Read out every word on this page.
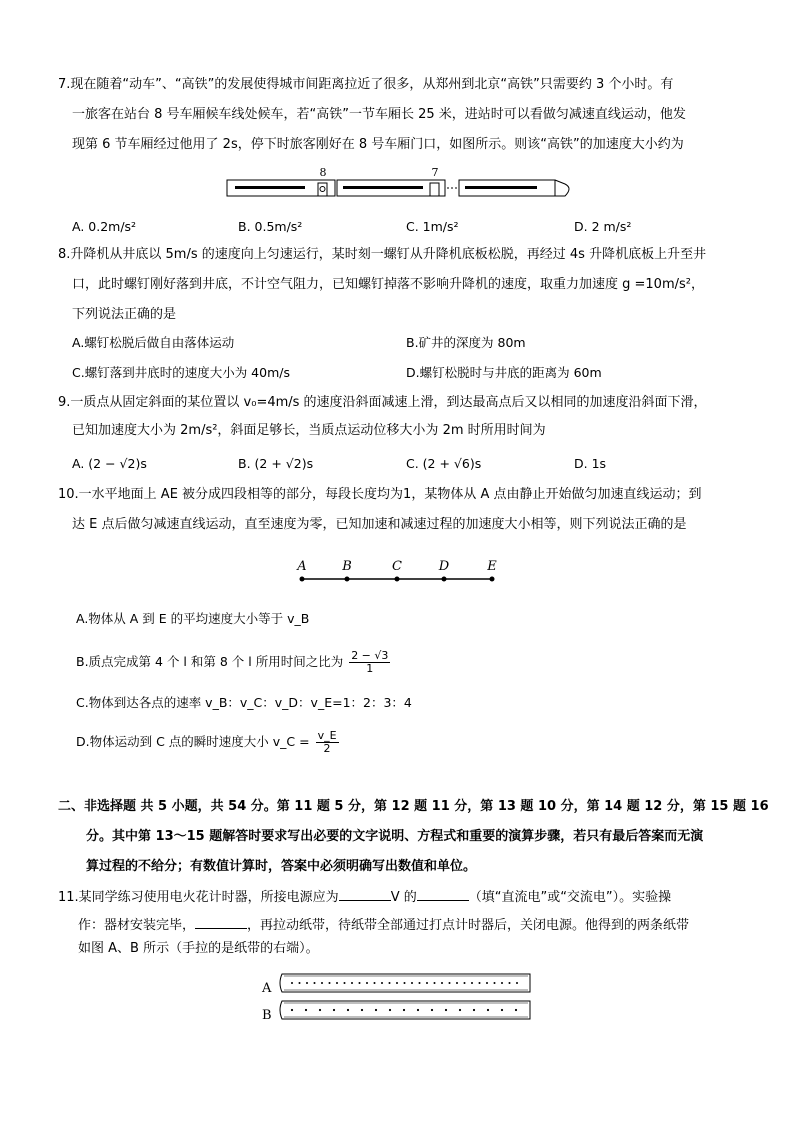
7.现在随着“动车”、“高铁”的发展使得城市间距离拉近了很多，从郑州到北京“高铁”只需要约 3 个小时。有
一旅客在站台 8 号车厢候车线处候车，若“高铁”一节车厢长 25 米，进站时可以看做匀减速直线运动，他发
现第 6 节车厢经过他用了 2s，停下时旅客刚好在 8 号车厢门口，如图所示。则该“高铁”的加速度大小约为
8	7
A. 0.2m/s²	B. 0.5m/s²	C. 1m/s²	D. 2 m/s²
8.升降机从井底以 5m/s 的速度向上匀速运行，某时刻一螺钉从升降机底板松脱，再经过 4s 升降机底板上升至井
口，此时螺钉刚好落到井底，不计空气阻力，已知螺钉掉落不影响升降机的速度，取重力加速度 g =10m/s²，
下列说法正确的是
A.螺钉松脱后做自由落体运动	B.矿井的深度为 80m
C.螺钉落到井底时的速度大小为 40m/s	D.螺钉松脱时与井底的距离为 60m
9.一质点从固定斜面的某位置以 v₀=4m/s 的速度沿斜面减速上滑，到达最高点后又以相同的加速度沿斜面下滑，
已知加速度大小为 2m/s²，斜面足够长，当质点运动位移大小为 2m 时所用时间为
A. (2 − √2)s	B. (2 + √2)s	C. (2 + √6)s	D. 1s
10.一水平地面上 AE 被分成四段相等的部分，每段长度均为1，某物体从 A 点由静止开始做匀加速直线运动；到
达 E 点后做匀减速直线运动，直至速度为零，已知加速和减速过程的加速度大小相等，则下列说法正确的是
A	B	C	D	E
A.物体从 A 到 E 的平均速度大小等于 v_B
B.质点完成第 4 个 l 和第 8 个 l 所用时间之比为 $\frac{2 - √3}{1}$
C.物体到达各点的速率 v_B：v_C：v_D：v_E=1：2：3：4
D.物体运动到 C 点的瞬时速度大小 v_C = $\frac{v\_E}{2}$
二、非选择题 共 5 小题，共 54 分。第 11 题 5 分，第 12 题 11 分，第 13 题 10 分，第 14 题 12 分，第 15 题 16
分。其中第 13～15 题解答时要求写出必要的文字说明、方程式和重要的演算步骤，若只有最后答案而无演
算过程的不给分；有数值计算时，答案中必须明确写出数值和单位。
11.某同学练习使用电火花计时器，所接电源应为	V 的	（填“直流电”或“交流电”）。实验操
作：器材安装完毕，	，再拉动纸带，待纸带全部通过打点计时器后，关闭电源。他得到的两条纸带
如图 A、B 所示（手拉的是纸带的右端）。
A
B
